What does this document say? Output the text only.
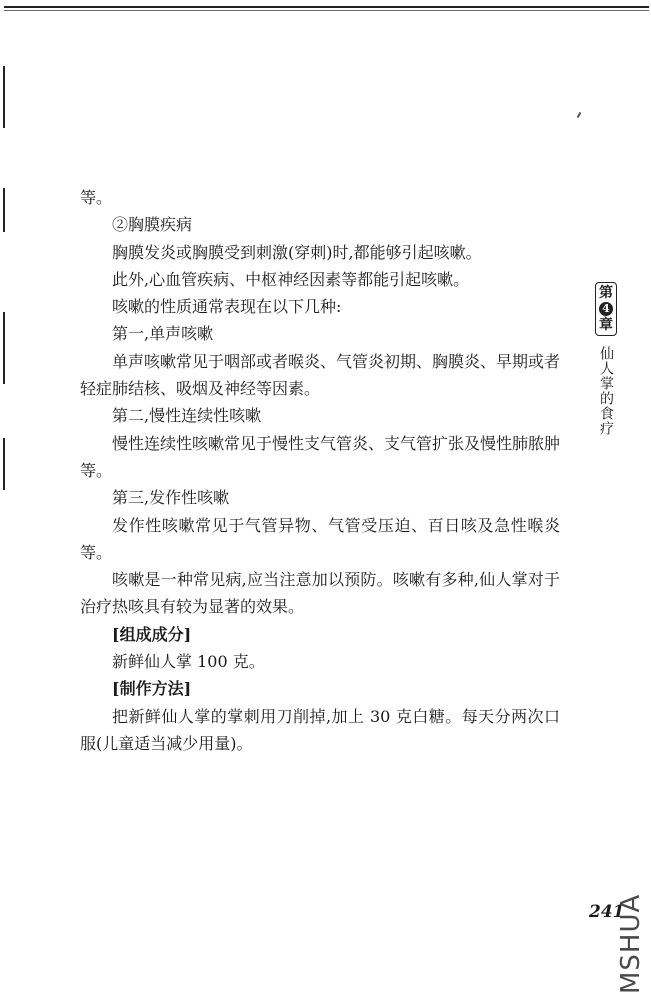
等。

②胸膜疾病

胸膜发炎或胸膜受到刺激(穿刺)时,都能够引起咳嗽。

此外,心血管疾病、中枢神经因素等都能引起咳嗽。

咳嗽的性质通常表现在以下几种:

第一,单声咳嗽

单声咳嗽常见于咽部或者喉炎、气管炎初期、胸膜炎、早期或者轻症肺结核、吸烟及神经等因素。

第二,慢性连续性咳嗽

慢性连续性咳嗽常见于慢性支气管炎、支气管扩张及慢性肺脓肿等。

第三,发作性咳嗽

发作性咳嗽常见于气管异物、气管受压迫、百日咳及急性喉炎等。

咳嗽是一种常见病,应当注意加以预防。咳嗽有多种,仙人掌对于治疗热咳具有较为显著的效果。

[组成成分]

新鲜仙人掌 100 克。

[制作方法]

把新鲜仙人掌的掌刺用刀削掉,加上 30 克白糖。每天分两次口服(儿童适当减少用量)。

第
4
章
仙人掌的食疗
241
MSHUA
